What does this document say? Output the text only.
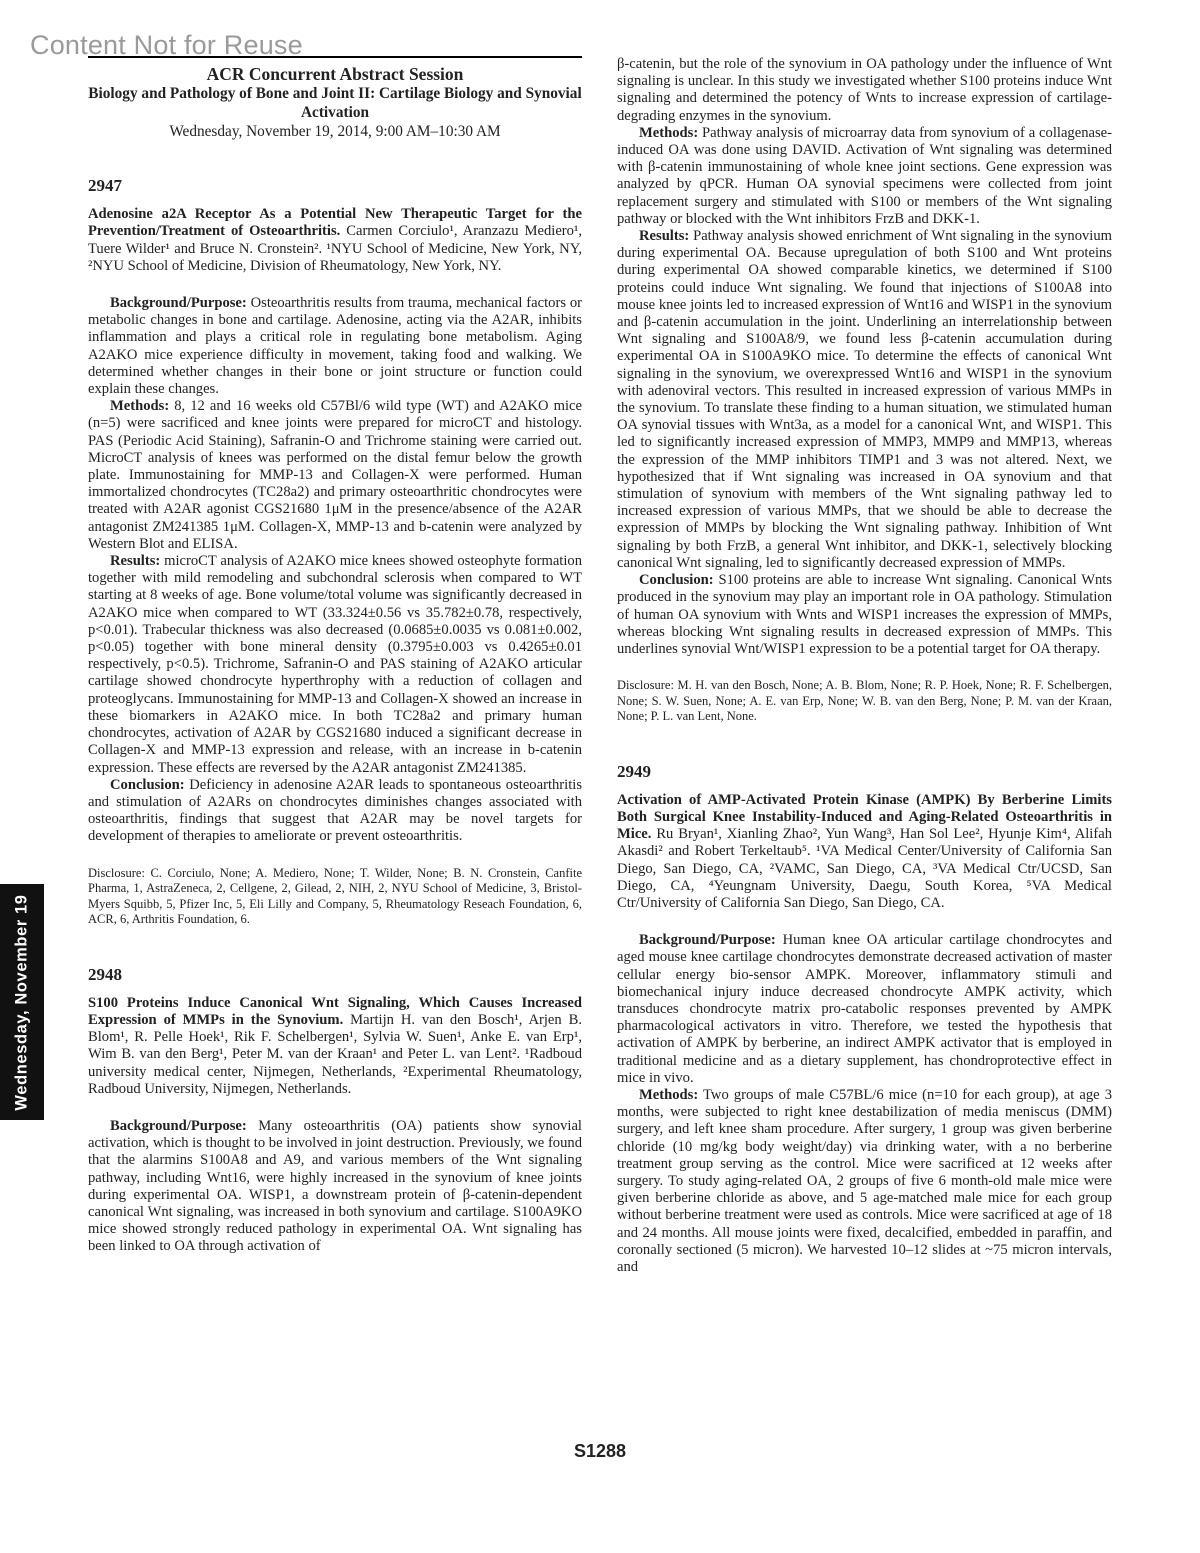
Content Not for Reuse
Wednesday, November 19
ACR Concurrent Abstract Session
Biology and Pathology of Bone and Joint II: Cartilage Biology and Synovial Activation
Wednesday, November 19, 2014, 9:00 AM–10:30 AM
2947
Adenosine a2A Receptor As a Potential New Therapeutic Target for the Prevention/Treatment of Osteoarthritis. Carmen Corciulo¹, Aranzazu Mediero¹, Tuere Wilder¹ and Bruce N. Cronstein². ¹NYU School of Medicine, New York, NY, ²NYU School of Medicine, Division of Rheumatology, New York, NY.

Background/Purpose: Osteoarthritis results from trauma, mechanical factors or metabolic changes in bone and cartilage. Adenosine, acting via the A2AR, inhibits inflammation and plays a critical role in regulating bone metabolism. Aging A2AKO mice experience difficulty in movement, taking food and walking. We determined whether changes in their bone or joint structure or function could explain these changes.

Methods: 8, 12 and 16 weeks old C57Bl/6 wild type (WT) and A2AKO mice (n=5) were sacrificed and knee joints were prepared for microCT and histology. PAS (Periodic Acid Staining), Safranin-O and Trichrome staining were carried out. MicroCT analysis of knees was performed on the distal femur below the growth plate. Immunostaining for MMP-13 and Collagen-X were performed. Human immortalized chondrocytes (TC28a2) and primary osteoarthritic chondrocytes were treated with A2AR agonist CGS21680 1μM in the presence/absence of the A2AR antagonist ZM241385 1μM. Collagen-X, MMP-13 and b-catenin were analyzed by Western Blot and ELISA.

Results: microCT analysis of A2AKO mice knees showed osteophyte formation together with mild remodeling and subchondral sclerosis when compared to WT starting at 8 weeks of age. Bone volume/total volume was significantly decreased in A2AKO mice when compared to WT (33.324±0.56 vs 35.782±0.78, respectively, p<0.01). Trabecular thickness was also decreased (0.0685±0.0035 vs 0.081±0.002, p<0.05) together with bone mineral density (0.3795±0.003 vs 0.4265±0.01 respectively, p<0.5). Trichrome, Safranin-O and PAS staining of A2AKO articular cartilage showed chondrocyte hyperthrophy with a reduction of collagen and proteoglycans. Immunostaining for MMP-13 and Collagen-X showed an increase in these biomarkers in A2AKO mice. In both TC28a2 and primary human chondrocytes, activation of A2AR by CGS21680 induced a significant decrease in Collagen-X and MMP-13 expression and release, with an increase in b-catenin expression. These effects are reversed by the A2AR antagonist ZM241385.

Conclusion: Deficiency in adenosine A2AR leads to spontaneous osteoarthritis and stimulation of A2ARs on chondrocytes diminishes changes associated with osteoarthritis, findings that suggest that A2AR may be novel targets for development of therapies to ameliorate or prevent osteoarthritis.

Disclosure: C. Corciulo, None; A. Mediero, None; T. Wilder, None; B. N. Cronstein, Canfite Pharma, 1, AstraZeneca, 2, Cellgene, 2, Gilead, 2, NIH, 2, NYU School of Medicine, 3, Bristol-Myers Squibb, 5, Pfizer Inc, 5, Eli Lilly and Company, 5, Rheumatology Reseach Foundation, 6, ACR, 6, Arthritis Foundation, 6.

2948
S100 Proteins Induce Canonical Wnt Signaling, Which Causes Increased Expression of MMPs in the Synovium. Martijn H. van den Bosch¹, Arjen B. Blom¹, R. Pelle Hoek¹, Rik F. Schelbergen¹, Sylvia W. Suen¹, Anke E. van Erp¹, Wim B. van den Berg¹, Peter M. van der Kraan¹ and Peter L. van Lent². ¹Radboud university medical center, Nijmegen, Netherlands, ²Experimental Rheumatology, Radboud University, Nijmegen, Netherlands.

Background/Purpose: Many osteoarthritis (OA) patients show synovial activation, which is thought to be involved in joint destruction. Previously, we found that the alarmins S100A8 and A9, and various members of the Wnt signaling pathway, including Wnt16, were highly increased in the synovium of knee joints during experimental OA. WISP1, a downstream protein of β-catenin-dependent canonical Wnt signaling, was increased in both synovium and cartilage. S100A9KO mice showed strongly reduced pathology in experimental OA. Wnt signaling has been linked to OA through activation of

β-catenin, but the role of the synovium in OA pathology under the influence of Wnt signaling is unclear. In this study we investigated whether S100 proteins induce Wnt signaling and determined the potency of Wnts to increase expression of cartilage-degrading enzymes in the synovium.

Methods: Pathway analysis of microarray data from synovium of a collagenase-induced OA was done using DAVID. Activation of Wnt signaling was determined with β-catenin immunostaining of whole knee joint sections. Gene expression was analyzed by qPCR. Human OA synovial specimens were collected from joint replacement surgery and stimulated with S100 or members of the Wnt signaling pathway or blocked with the Wnt inhibitors FrzB and DKK-1.

Results: Pathway analysis showed enrichment of Wnt signaling in the synovium during experimental OA. Because upregulation of both S100 and Wnt proteins during experimental OA showed comparable kinetics, we determined if S100 proteins could induce Wnt signaling. We found that injections of S100A8 into mouse knee joints led to increased expression of Wnt16 and WISP1 in the synovium and β-catenin accumulation in the joint. Underlining an interrelationship between Wnt signaling and S100A8/9, we found less β-catenin accumulation during experimental OA in S100A9KO mice. To determine the effects of canonical Wnt signaling in the synovium, we overexpressed Wnt16 and WISP1 in the synovium with adenoviral vectors. This resulted in increased expression of various MMPs in the synovium. To translate these finding to a human situation, we stimulated human OA synovial tissues with Wnt3a, as a model for a canonical Wnt, and WISP1. This led to significantly increased expression of MMP3, MMP9 and MMP13, whereas the expression of the MMP inhibitors TIMP1 and 3 was not altered. Next, we hypothesized that if Wnt signaling was increased in OA synovium and that stimulation of synovium with members of the Wnt signaling pathway led to increased expression of various MMPs, that we should be able to decrease the expression of MMPs by blocking the Wnt signaling pathway. Inhibition of Wnt signaling by both FrzB, a general Wnt inhibitor, and DKK-1, selectively blocking canonical Wnt signaling, led to significantly decreased expression of MMPs.

Conclusion: S100 proteins are able to increase Wnt signaling. Canonical Wnts produced in the synovium may play an important role in OA pathology. Stimulation of human OA synovium with Wnts and WISP1 increases the expression of MMPs, whereas blocking Wnt signaling results in decreased expression of MMPs. This underlines synovial Wnt/WISP1 expression to be a potential target for OA therapy.

Disclosure: M. H. van den Bosch, None; A. B. Blom, None; R. P. Hoek, None; R. F. Schelbergen, None; S. W. Suen, None; A. E. van Erp, None; W. B. van den Berg, None; P. M. van der Kraan, None; P. L. van Lent, None.

2949
Activation of AMP-Activated Protein Kinase (AMPK) By Berberine Limits Both Surgical Knee Instability-Induced and Aging-Related Osteoarthritis in Mice. Ru Bryan¹, Xianling Zhao², Yun Wang³, Han Sol Lee², Hyunje Kim⁴, Alifah Akasdi² and Robert Terkeltaub⁵. ¹VA Medical Center/University of California San Diego, San Diego, CA, ²VAMC, San Diego, CA, ³VA Medical Ctr/UCSD, San Diego, CA, ⁴Yeungnam University, Daegu, South Korea, ⁵VA Medical Ctr/University of California San Diego, San Diego, CA.

Background/Purpose: Human knee OA articular cartilage chondrocytes and aged mouse knee cartilage chondrocytes demonstrate decreased activation of master cellular energy bio-sensor AMPK. Moreover, inflammatory stimuli and biomechanical injury induce decreased chondrocyte AMPK activity, which transduces chondrocyte matrix pro-catabolic responses prevented by AMPK pharmacological activators in vitro. Therefore, we tested the hypothesis that activation of AMPK by berberine, an indirect AMPK activator that is employed in traditional medicine and as a dietary supplement, has chondroprotective effect in mice in vivo.

Methods: Two groups of male C57BL/6 mice (n=10 for each group), at age 3 months, were subjected to right knee destabilization of media meniscus (DMM) surgery, and left knee sham procedure. After surgery, 1 group was given berberine chloride (10 mg/kg body weight/day) via drinking water, with a no berberine treatment group serving as the control. Mice were sacrificed at 12 weeks after surgery. To study aging-related OA, 2 groups of five 6 month-old male mice were given berberine chloride as above, and 5 age-matched male mice for each group without berberine treatment were used as controls. Mice were sacrificed at age of 18 and 24 months. All mouse joints were fixed, decalcified, embedded in paraffin, and coronally sectioned (5 micron). We harvested 10–12 slides at ~75 micron intervals, and

S1288
